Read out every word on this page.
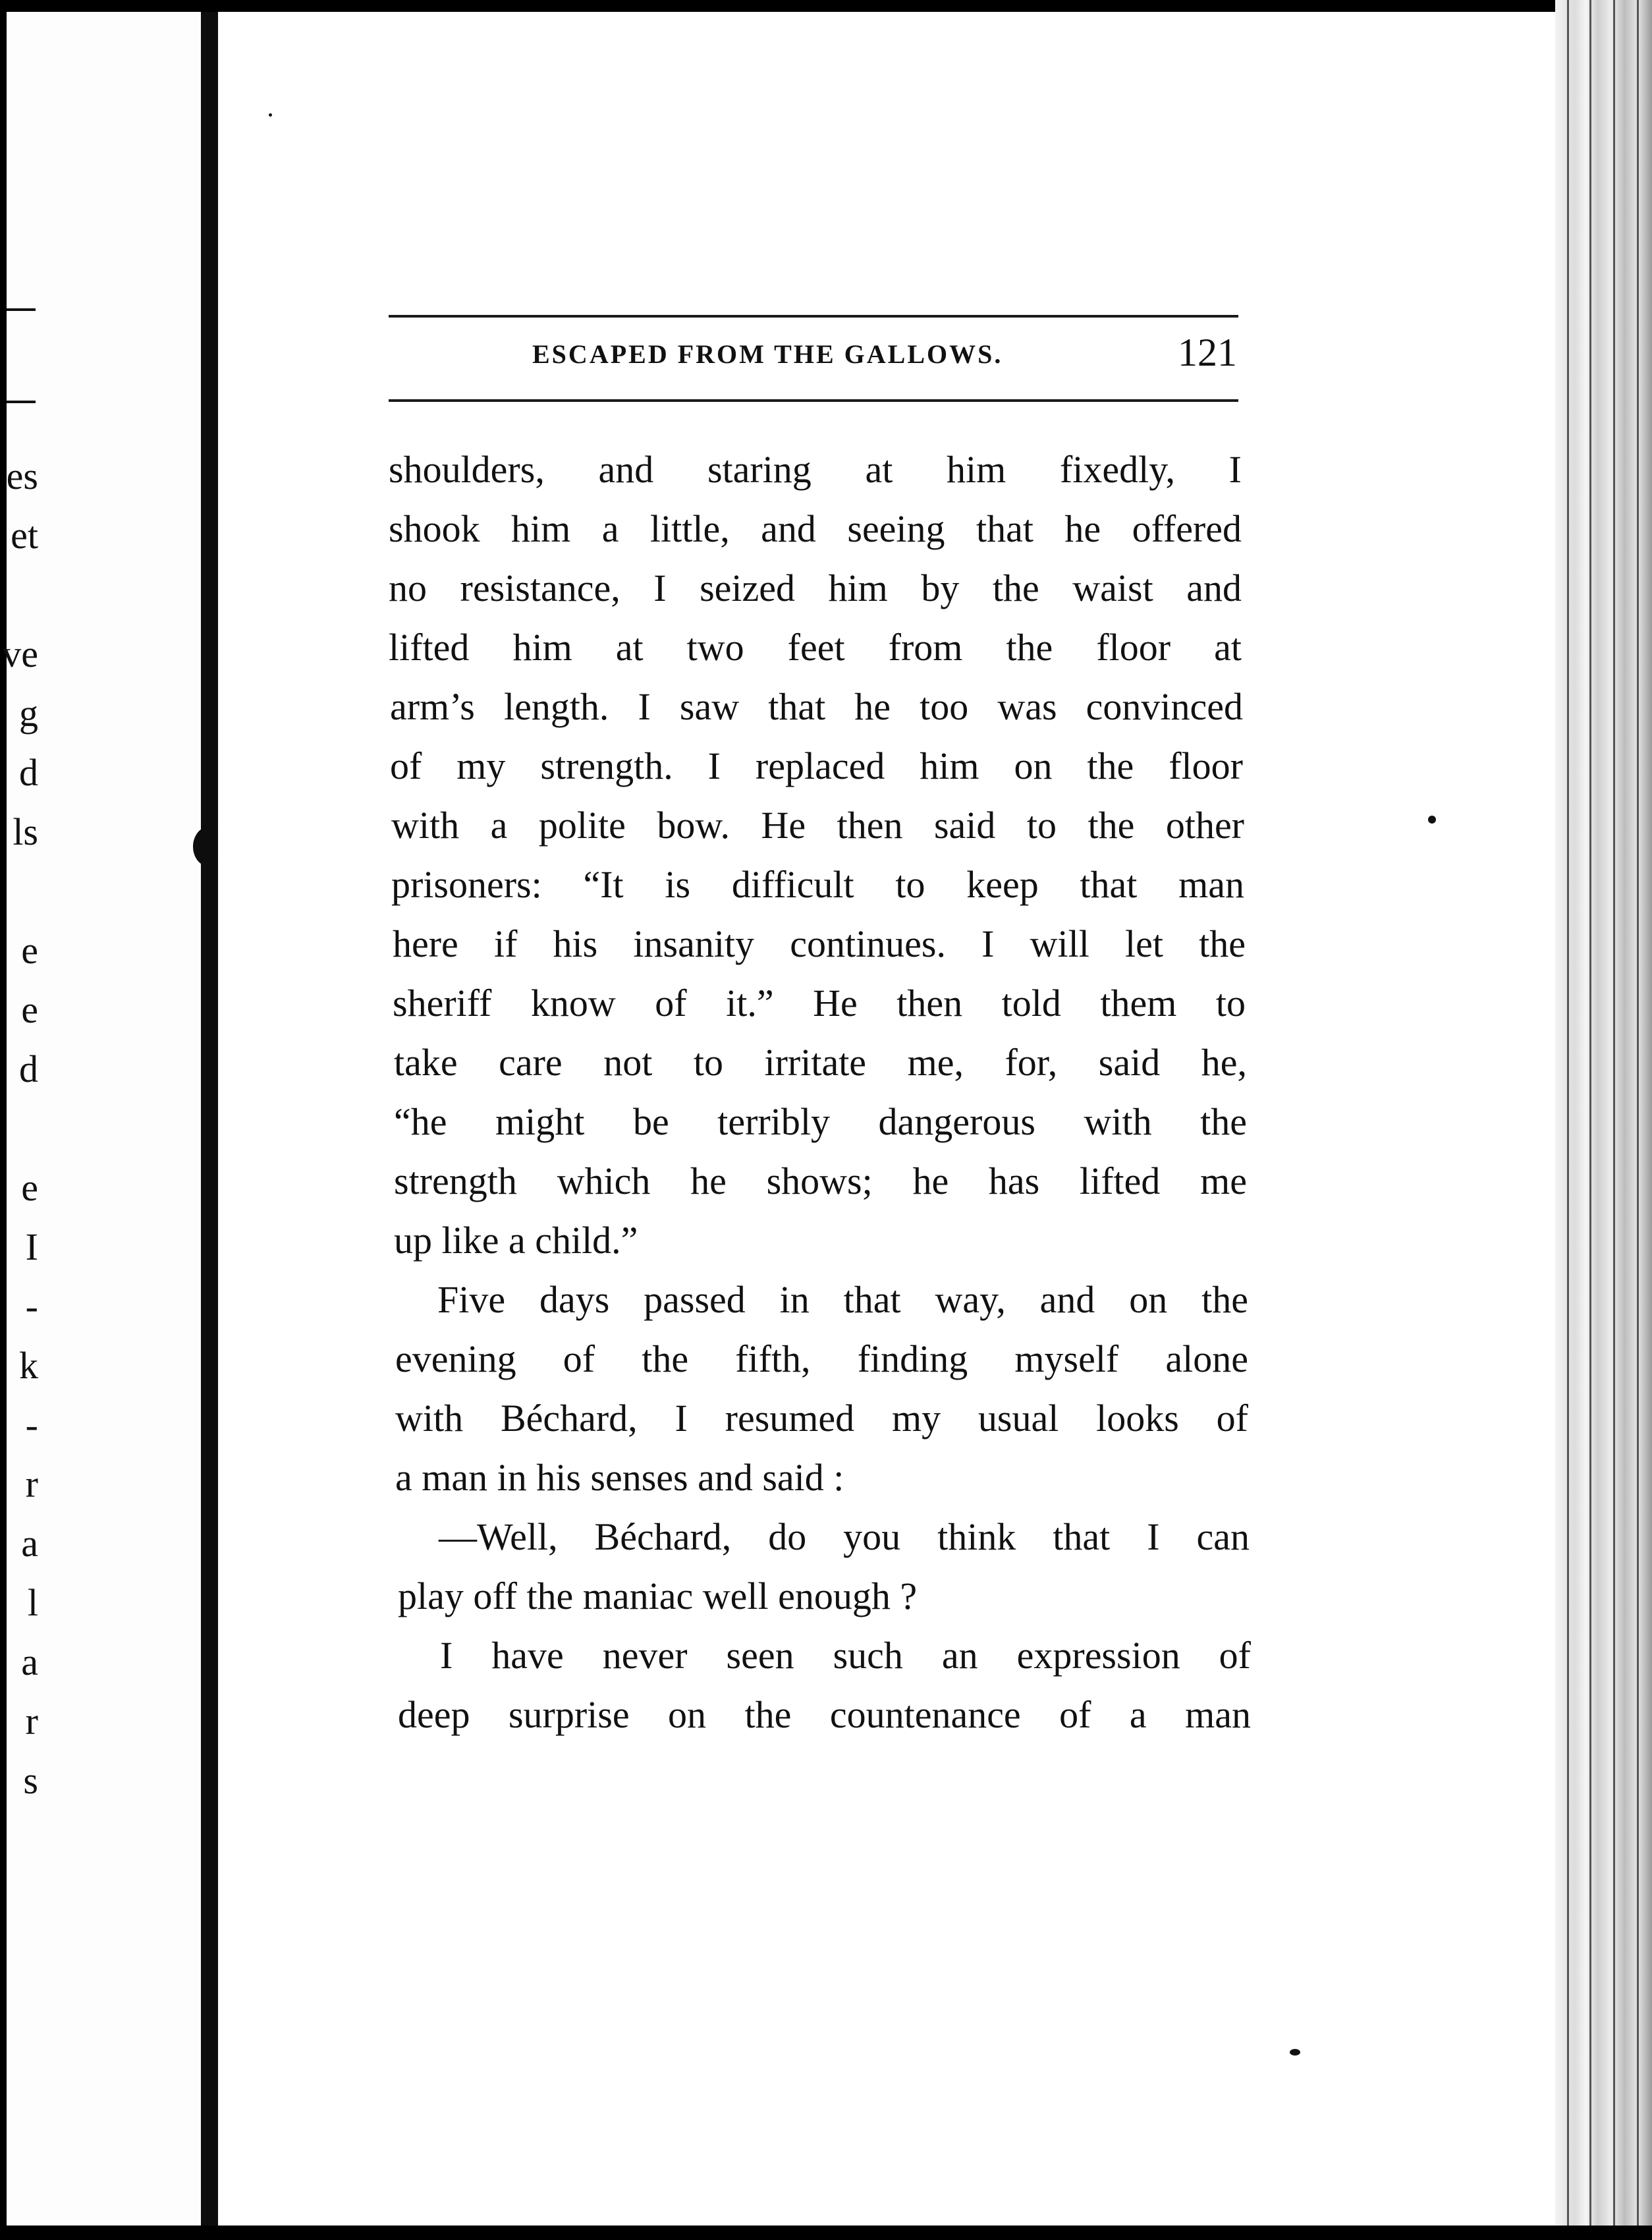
es
et
ve
g
d
ls
e
e
d
e
I
-
k
-
r
a
l
a
r
s
ESCAPED FROM THE GALLOWS.	121
shoulders, and staring at him fixedly, I
shook him a little, and seeing that he offered
no resistance, I seized him by the waist and
lifted him at two feet from the floor at
arm’s length. I saw that he too was convinced
of my strength. I replaced him on the floor
with a polite bow. He then said to the other
prisoners: “It is difficult to keep that man
here if his insanity continues. I will let the
sheriff know of it.” He then told them to
take care not to irritate me, for, said he,
“he might be terribly dangerous with the
strength which he shows; he has lifted me
up like a child.”
Five days passed in that way, and on the
evening of the fifth, finding myself alone
with Béchard, I resumed my usual looks of
a man in his senses and said :
—Well, Béchard, do you think that I can
play off the maniac well enough ?
I have never seen such an expression of
deep surprise on the countenance of a man
